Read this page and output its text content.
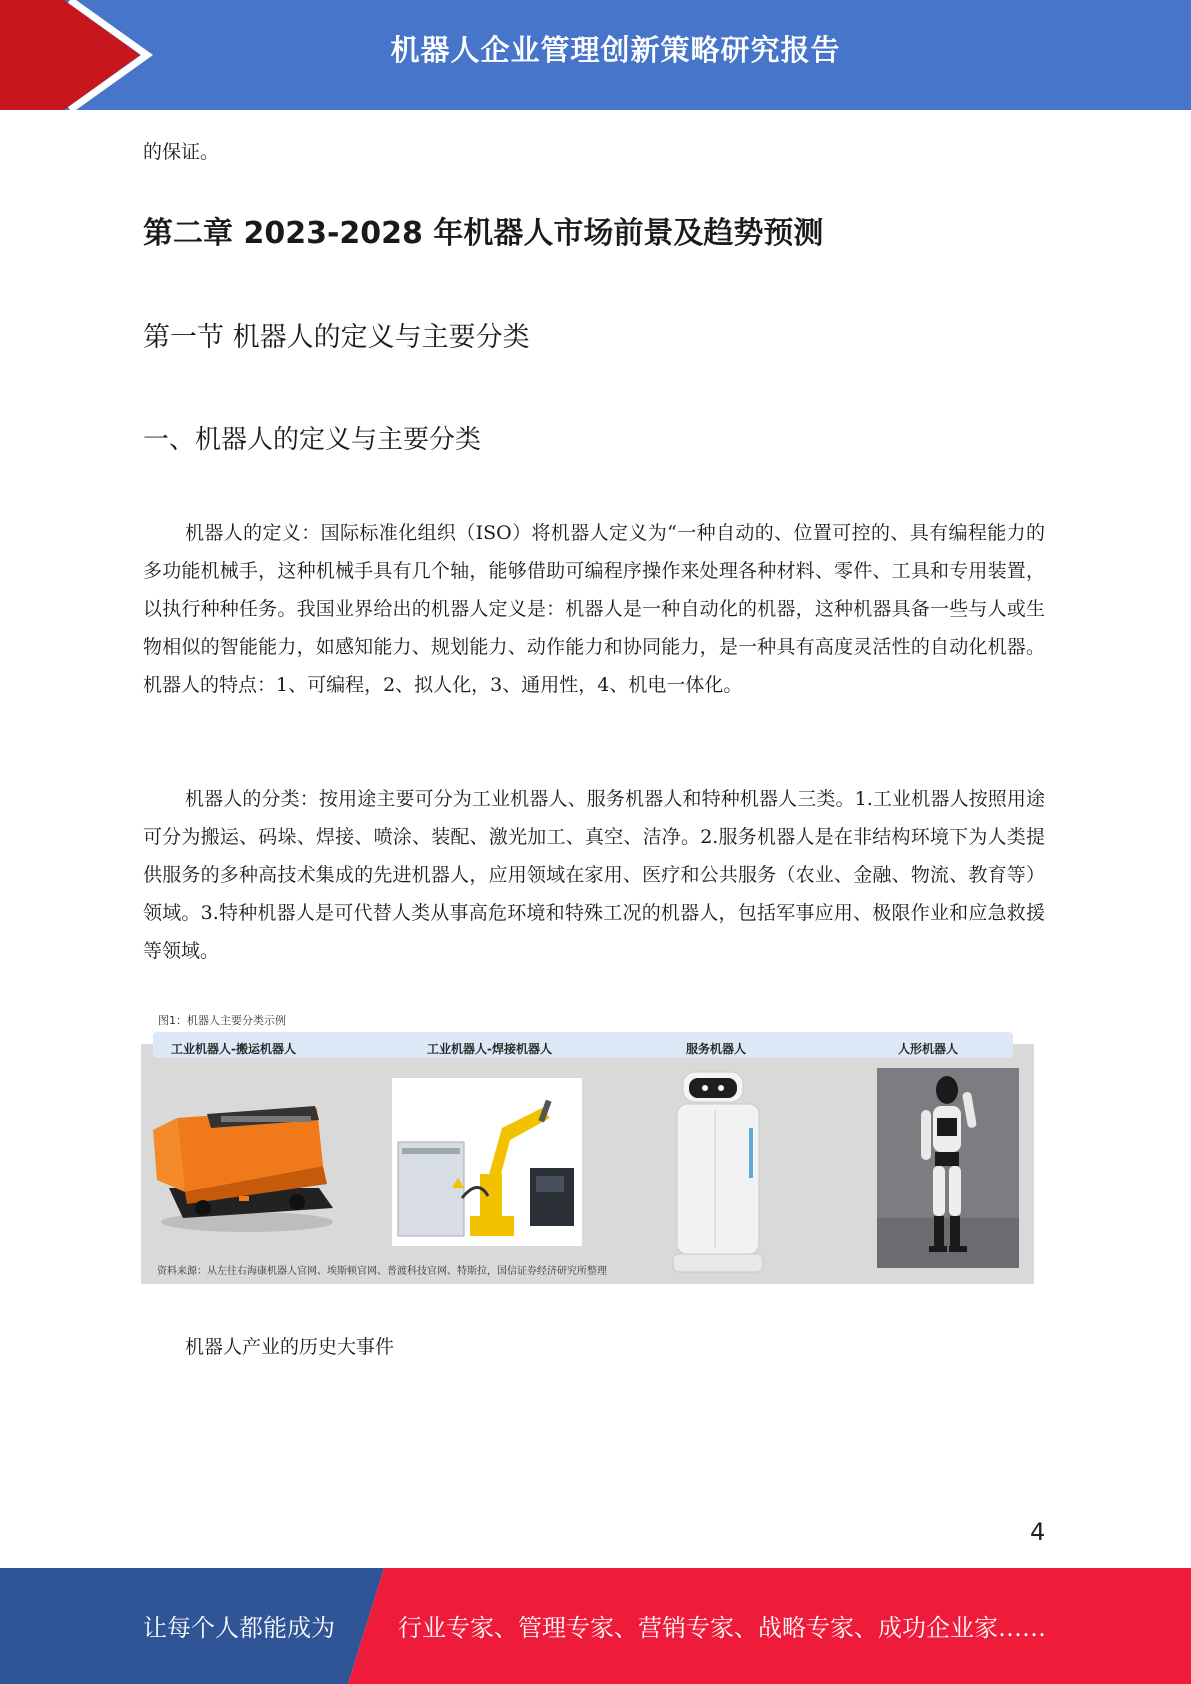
机器人企业管理创新策略研究报告
的保证。
第二章 2023-2028 年机器人市场前景及趋势预测
第一节 机器人的定义与主要分类
一、机器人的定义与主要分类

机器人的定义：国际标准化组织（ISO）将机器人定义为“一种自动的、位置可控的、具有编程能力的多功能机械手，这种机械手具有几个轴，能够借助可编程序操作来处理各种材料、零件、工具和专用装置，以执行种种任务。我国业界给出的机器人定义是：机器人是一种自动化的机器，这种机器具备一些与人或生物相似的智能能力，如感知能力、规划能力、动作能力和协同能力，是一种具有高度灵活性的自动化机器。机器人的特点：1、可编程，2、拟人化，3、通用性，4、机电一体化。

机器人的分类：按用途主要可分为工业机器人、服务机器人和特种机器人三类。1.工业机器人按照用途可分为搬运、码垛、焊接、喷涂、装配、激光加工、真空、洁净。2.服务机器人是在非结构环境下为人类提供服务的多种高技术集成的先进机器人，应用领域在家用、医疗和公共服务（农业、金融、物流、教育等）领域。3.特种机器人是可代替人类从事高危环境和特殊工况的机器人，包括军事应用、极限作业和应急救援等领域。

图1：机器人主要分类示例
工业机器人-搬运机器人	工业机器人-焊接机器人	服务机器人	人形机器人
资料来源：从左往右海康机器人官网、埃斯顿官网、普渡科技官网、特斯拉，国信证券经济研究所整理

机器人产业的历史大事件

4
让每个人都能成为	行业专家、管理专家、营销专家、战略专家、成功企业家……
